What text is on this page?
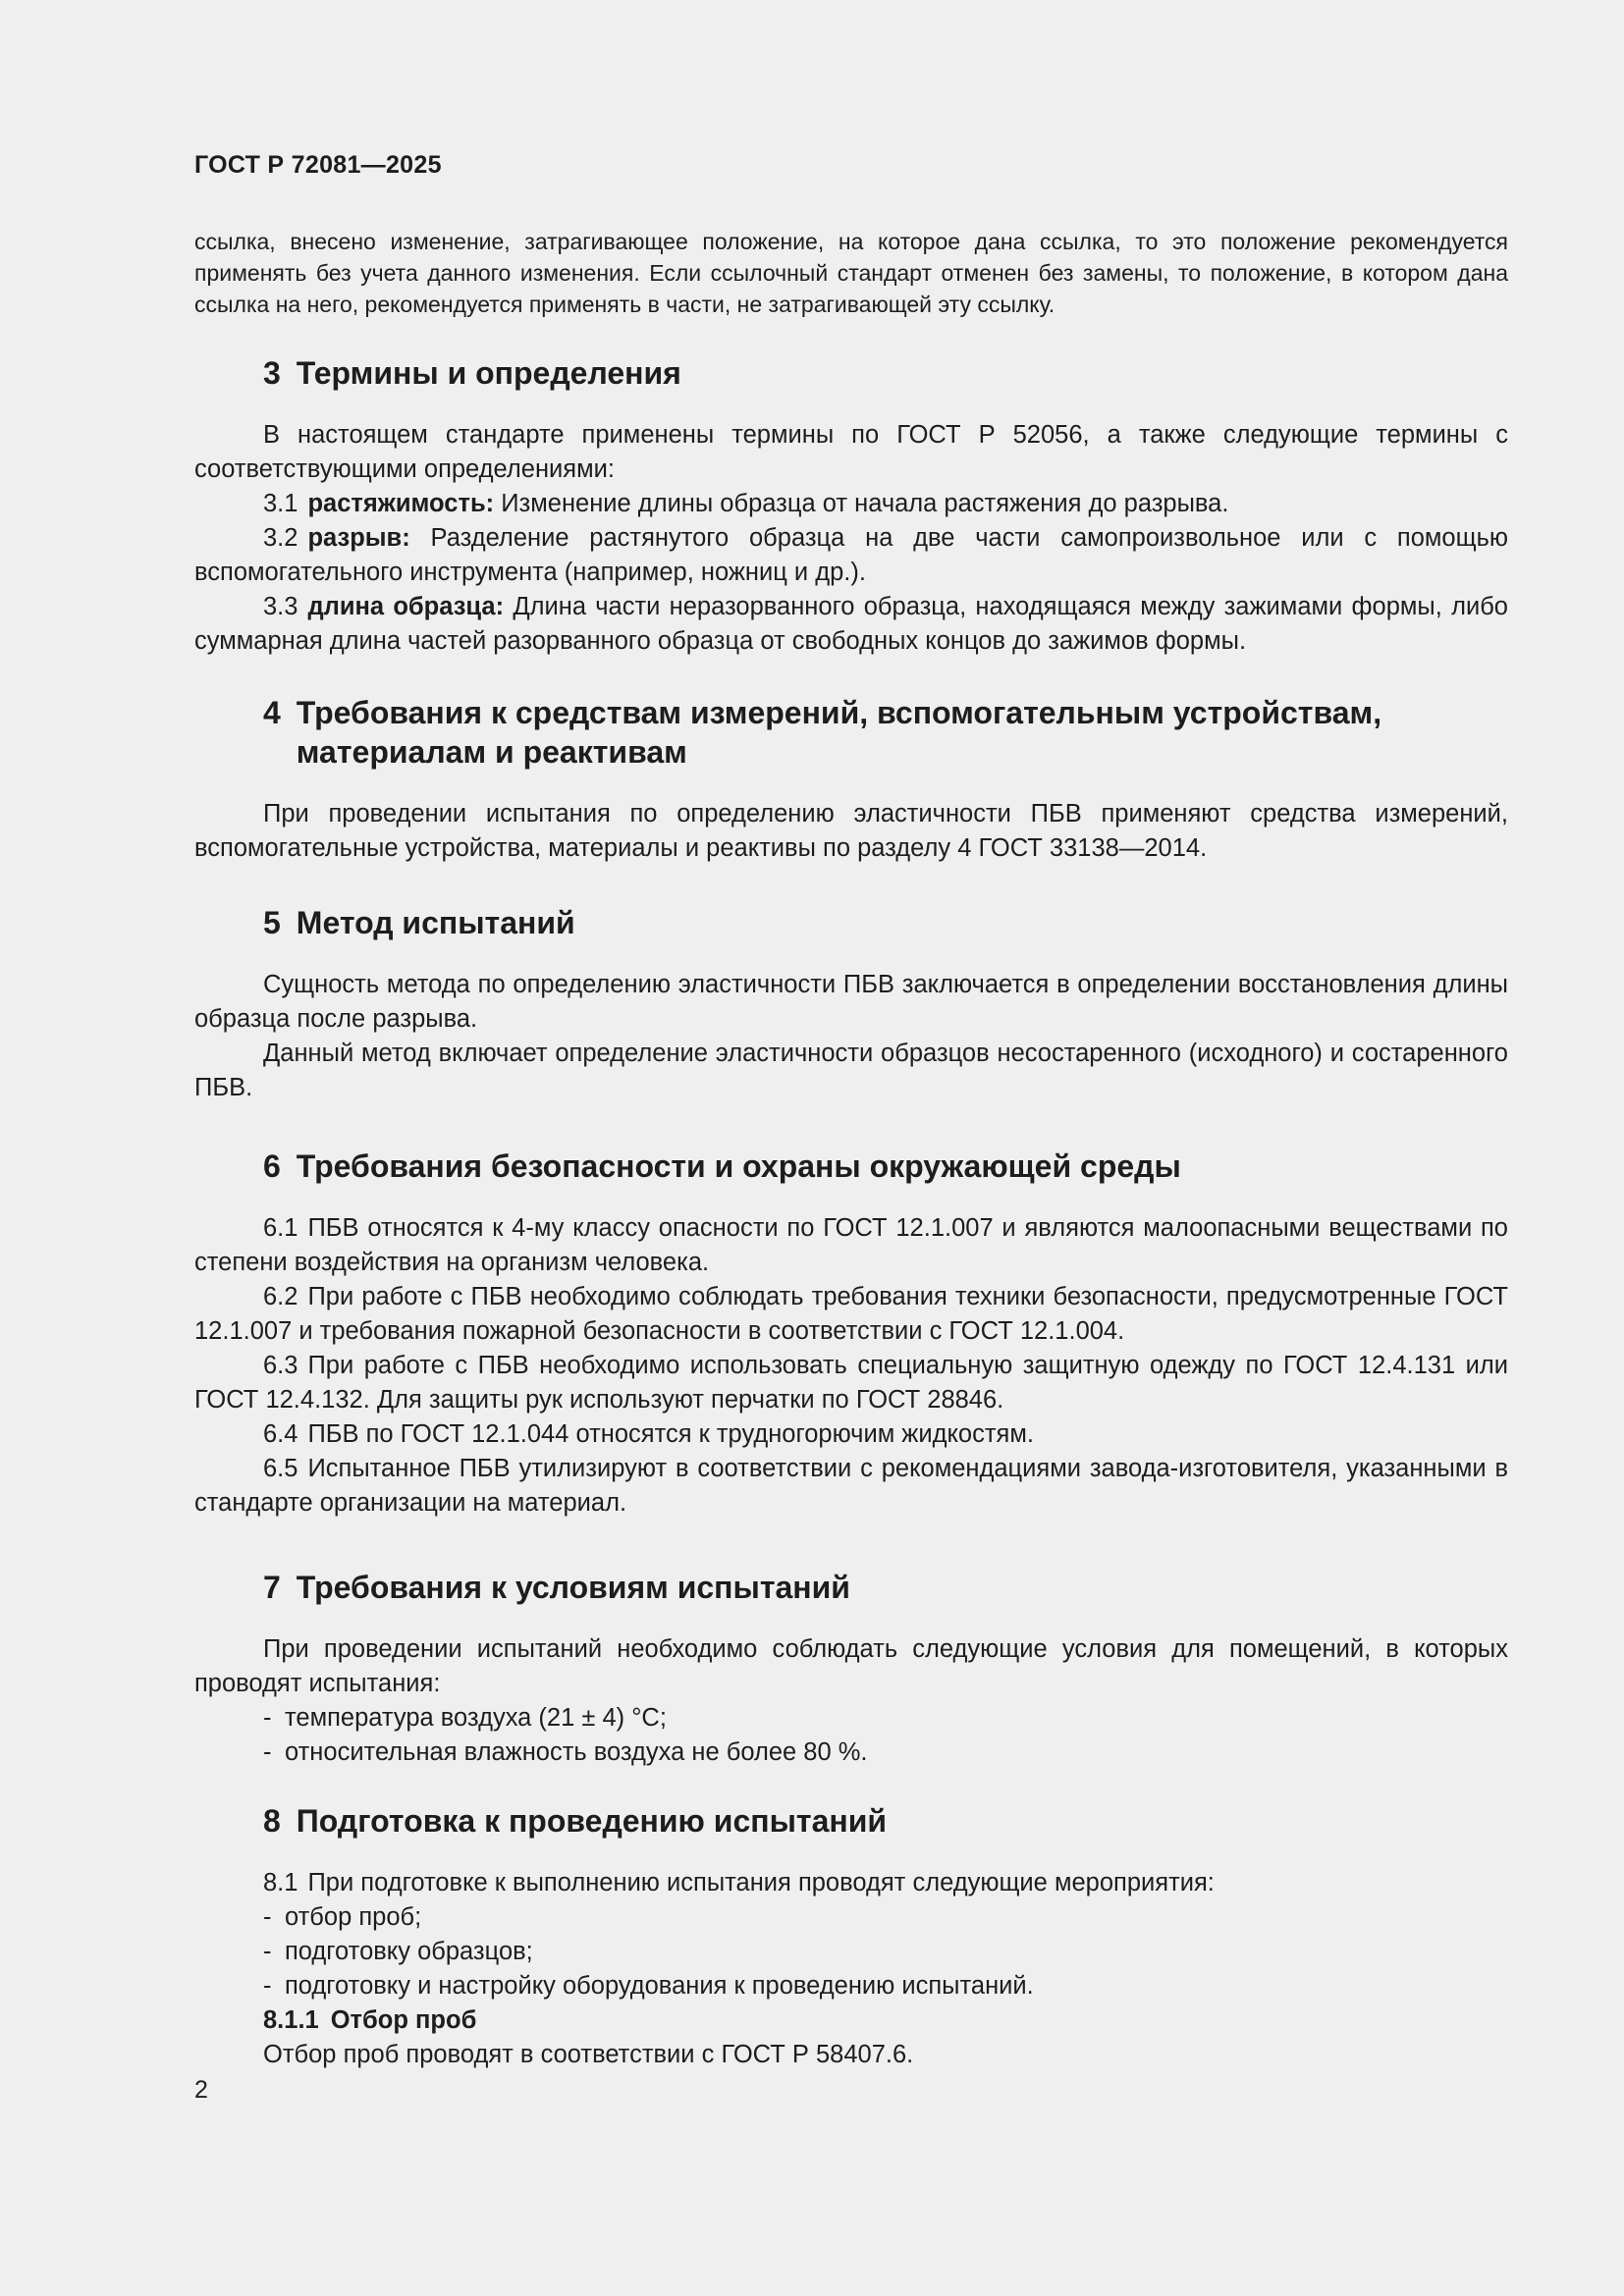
ГОСТ Р 72081—2025
ссылка, внесено изменение, затрагивающее положение, на которое дана ссылка, то это положение рекомендуется применять без учета данного изменения. Если ссылочный стандарт отменен без замены, то положение, в котором дана ссылка на него, рекомендуется применять в части, не затрагивающей эту ссылку.
3 Термины и определения

В настоящем стандарте применены термины по ГОСТ Р 52056, а также следующие термины с соответствующими определениями:

3.1 растяжимость: Изменение длины образца от начала растяжения до разрыва.

3.2 разрыв: Разделение растянутого образца на две части самопроизвольное или с помощью вспомогательного инструмента (например, ножниц и др.).

3.3 длина образца: Длина части неразорванного образца, находящаяся между зажимами формы, либо суммарная длина частей разорванного образца от свободных концов до зажимов формы.

4 Требования к средствам измерений, вспомогательным устройствам, материалам и реактивам

При проведении испытания по определению эластичности ПБВ применяют средства измерений, вспомогательные устройства, материалы и реактивы по разделу 4 ГОСТ 33138—2014.

5 Метод испытаний

Сущность метода по определению эластичности ПБВ заключается в определении восстановления длины образца после разрыва.

Данный метод включает определение эластичности образцов несостаренного (исходного) и состаренного ПБВ.

6 Требования безопасности и охраны окружающей среды

6.1 ПБВ относятся к 4-му классу опасности по ГОСТ 12.1.007 и являются малоопасными веществами по степени воздействия на организм человека.

6.2 При работе с ПБВ необходимо соблюдать требования техники безопасности, предусмотренные ГОСТ 12.1.007 и требования пожарной безопасности в соответствии с ГОСТ 12.1.004.

6.3 При работе с ПБВ необходимо использовать специальную защитную одежду по ГОСТ 12.4.131 или ГОСТ 12.4.132. Для защиты рук используют перчатки по ГОСТ 28846.

6.4 ПБВ по ГОСТ 12.1.044 относятся к трудногорючим жидкостям.

6.5 Испытанное ПБВ утилизируют в соответствии с рекомендациями завода-изготовителя, указанными в стандарте организации на материал.

7 Требования к условиям испытаний

При проведении испытаний необходимо соблюдать следующие условия для помещений, в которых проводят испытания:

- температура воздуха (21 ± 4) °С;

- относительная влажность воздуха не более 80 %.

8 Подготовка к проведению испытаний

8.1 При подготовке к выполнению испытания проводят следующие мероприятия:

- отбор проб;

- подготовку образцов;

- подготовку и настройку оборудования к проведению испытаний.

8.1.1 Отбор проб

Отбор проб проводят в соответствии с ГОСТ Р 58407.6.

2
